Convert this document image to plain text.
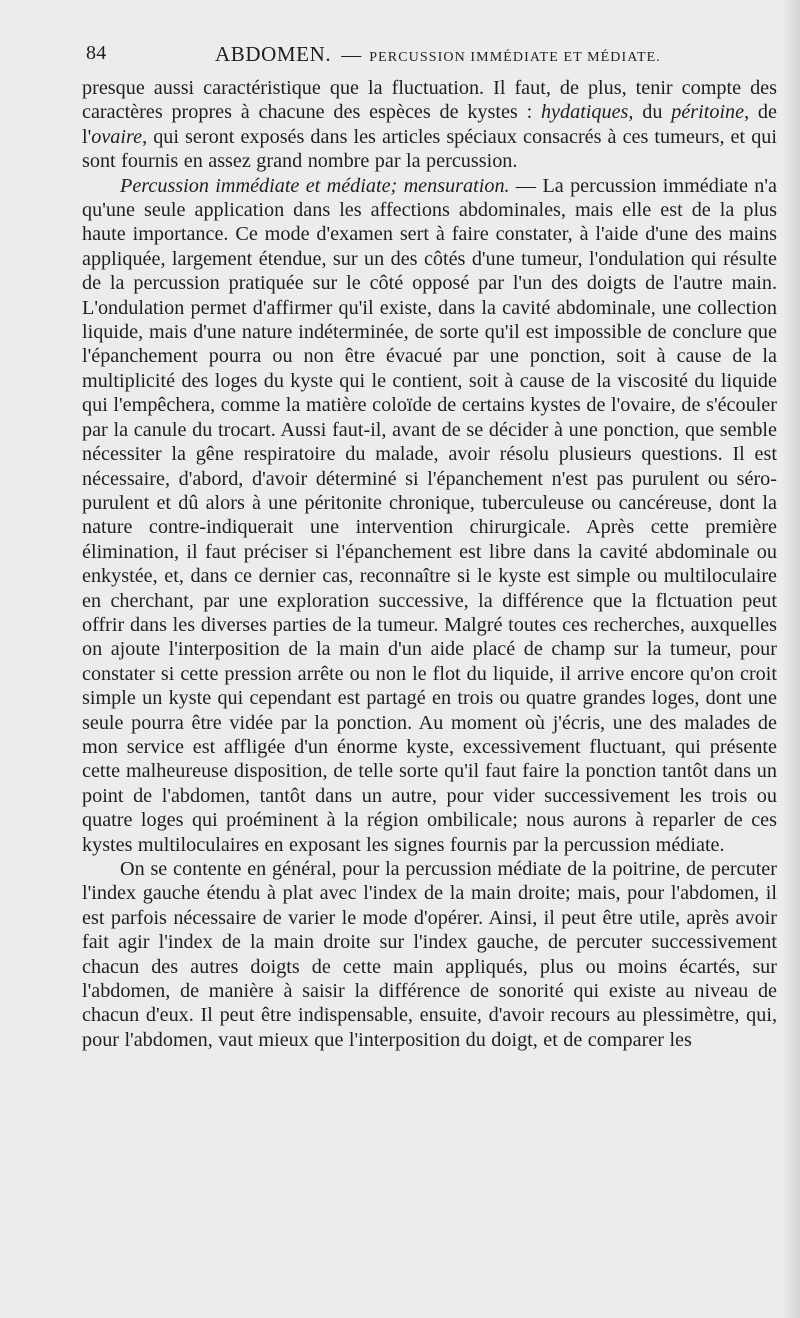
84	ABDOMEN. — PERCUSSION IMMÉDIATE ET MÉDIATE.

presque aussi caractéristique que la fluctuation. Il faut, de plus, tenir compte des caractères propres à chacune des espèces de kystes : hydatiques, du péritoine, de l'ovaire, qui seront exposés dans les articles spéciaux consacrés à ces tumeurs, et qui sont fournis en assez grand nombre par la percussion.

Percussion immédiate et médiate; mensuration. — La percussion immédiate n'a qu'une seule application dans les affections abdominales, mais elle est de la plus haute importance. Ce mode d'examen sert à faire constater, à l'aide d'une des mains appliquée, largement étendue, sur un des côtés d'une tumeur, l'ondulation qui résulte de la percussion pratiquée sur le côté opposé par l'un des doigts de l'autre main. L'ondulation permet d'affirmer qu'il existe, dans la cavité abdominale, une collection liquide, mais d'une nature indéterminée, de sorte qu'il est impossible de conclure que l'épanchement pourra ou non être évacué par une ponction, soit à cause de la multiplicité des loges du kyste qui le contient, soit à cause de la viscosité du liquide qui l'empêchera, comme la matière coloïde de certains kystes de l'ovaire, de s'écouler par la canule du trocart. Aussi faut-il, avant de se décider à une ponction, que semble nécessiter la gêne respiratoire du malade, avoir résolu plusieurs questions. Il est nécessaire, d'abord, d'avoir déterminé si l'épanchement n'est pas purulent ou séro-purulent et dû alors à une péritonite chronique, tuberculeuse ou cancéreuse, dont la nature contre-indiquerait une intervention chirurgicale. Après cette première élimination, il faut préciser si l'épanchement est libre dans la cavité abdominale ou enkystée, et, dans ce dernier cas, reconnaître si le kyste est simple ou multiloculaire en cherchant, par une exploration successive, la différence que la flctuation peut offrir dans les diverses parties de la tumeur. Malgré toutes ces recherches, auxquelles on ajoute l'interposition de la main d'un aide placé de champ sur la tumeur, pour constater si cette pression arrête ou non le flot du liquide, il arrive encore qu'on croit simple un kyste qui cependant est partagé en trois ou quatre grandes loges, dont une seule pourra être vidée par la ponction. Au moment où j'écris, une des malades de mon service est affligée d'un énorme kyste, excessivement fluctuant, qui présente cette malheureuse disposition, de telle sorte qu'il faut faire la ponction tantôt dans un point de l'abdomen, tantôt dans un autre, pour vider successivement les trois ou quatre loges qui proéminent à la région ombilicale; nous aurons à reparler de ces kystes multiloculaires en exposant les signes fournis par la percussion médiate.

On se contente en général, pour la percussion médiate de la poitrine, de percuter l'index gauche étendu à plat avec l'index de la main droite; mais, pour l'abdomen, il est parfois nécessaire de varier le mode d'opérer. Ainsi, il peut être utile, après avoir fait agir l'index de la main droite sur l'index gauche, de percuter successivement chacun des autres doigts de cette main appliqués, plus ou moins écartés, sur l'abdomen, de manière à saisir la différence de sonorité qui existe au niveau de chacun d'eux. Il peut être indispensable, ensuite, d'avoir recours au plessimètre, qui, pour l'abdomen, vaut mieux que l'interposition du doigt, et de comparer les
